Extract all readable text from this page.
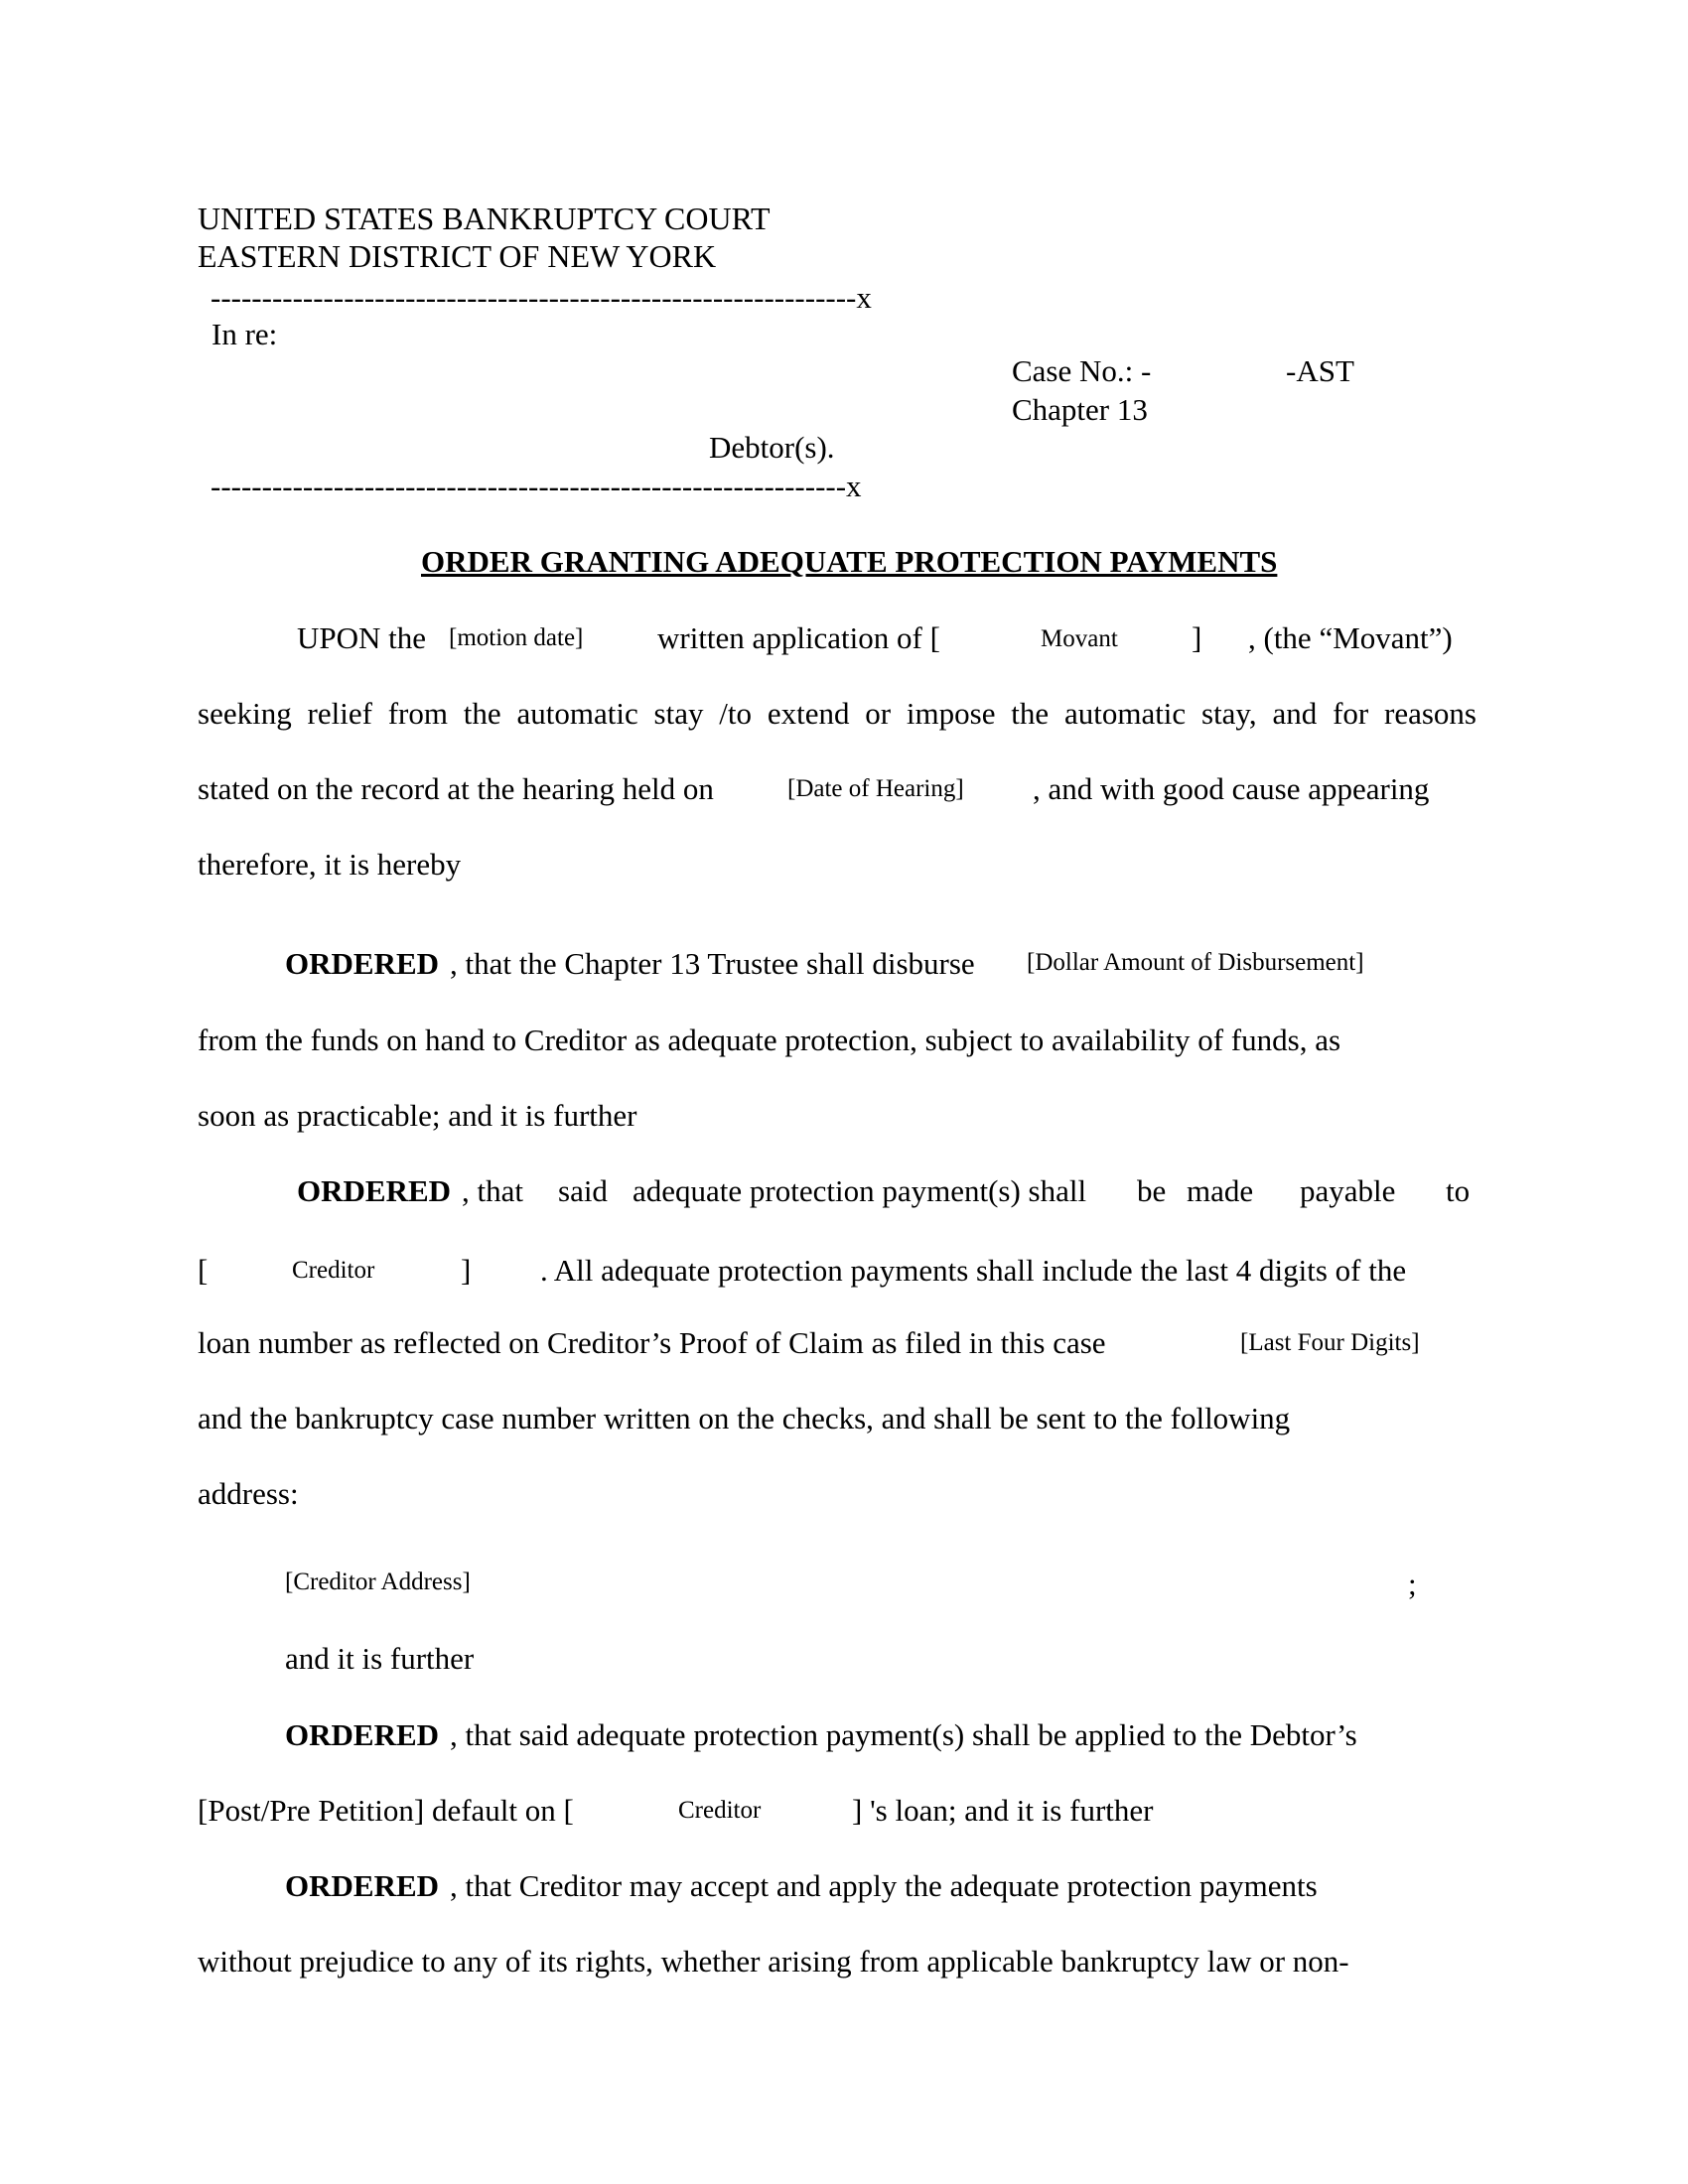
UNITED STATES BANKRUPTCY COURT
EASTERN DISTRICT OF NEW YORK
---------------------------------------------------------------x
In re:
Case No.: -	-AST
Chapter 13
Debtor(s).
--------------------------------------------------------------x
ORDER GRANTING ADEQUATE PROTECTION PAYMENTS
UPON the [motion date] written application of [	Movant ] , (the “Movant”)
seeking relief from the automatic stay /to extend or impose the automatic stay, and for reasons
stated on the record at the hearing held on	[Date of Hearing] , and with good cause appearing
therefore, it is hereby
ORDERED , that the Chapter 13 Trustee shall disburse [Dollar Amount of Disbursement]
from the funds on hand to Creditor as adequate protection, subject to availability of funds, as
soon as practicable; and it is further
ORDERED , that said adequate protection payment(s) shall be made payable to
[	Creditor	] . All adequate protection payments shall include the last 4 digits of the
loan number as reflected on Creditor’s Proof of Claim as filed in this case	[Last Four Digits]
and the bankruptcy case number written on the checks, and shall be sent to the following
address:
[Creditor Address]	;
and it is further
ORDERED , that said adequate protection payment(s) shall be applied to the Debtor’s
[Post/Pre Petition] default on [	Creditor	] 's loan; and it is further
ORDERED , that Creditor may accept and apply the adequate protection payments
without prejudice to any of its rights, whether arising from applicable bankruptcy law or non-
